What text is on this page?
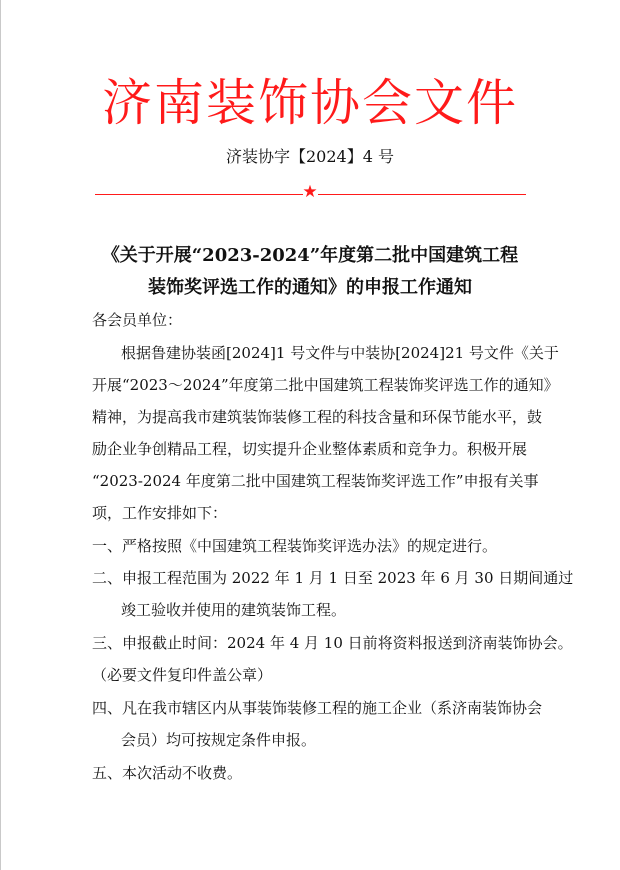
济南装饰协会文件
济装协字【2024】4 号
★
《关于开展“2023-2024”年度第二批中国建筑工程
装饰奖评选工作的通知》的申报工作通知
各会员单位：
根据鲁建协装函[2024]1 号文件与中装协[2024]21 号文件《关于
开展“2023～2024”年度第二批中国建筑工程装饰奖评选工作的通知》
精神，为提高我市建筑装饰装修工程的科技含量和环保节能水平，鼓
励企业争创精品工程，切实提升企业整体素质和竞争力。积极开展
“2023-2024 年度第二批中国建筑工程装饰奖评选工作”申报有关事
项，工作安排如下：
一、严格按照《中国建筑工程装饰奖评选办法》的规定进行。
二、申报工程范围为 2022 年 1 月 1 日至 2023 年 6 月 30 日期间通过
竣工验收并使用的建筑装饰工程。
三、申报截止时间：2024 年 4 月 10 日前将资料报送到济南装饰协会。
（必要文件复印件盖公章）
四、凡在我市辖区内从事装饰装修工程的施工企业（系济南装饰协会
会员）均可按规定条件申报。
五、本次活动不收费。
